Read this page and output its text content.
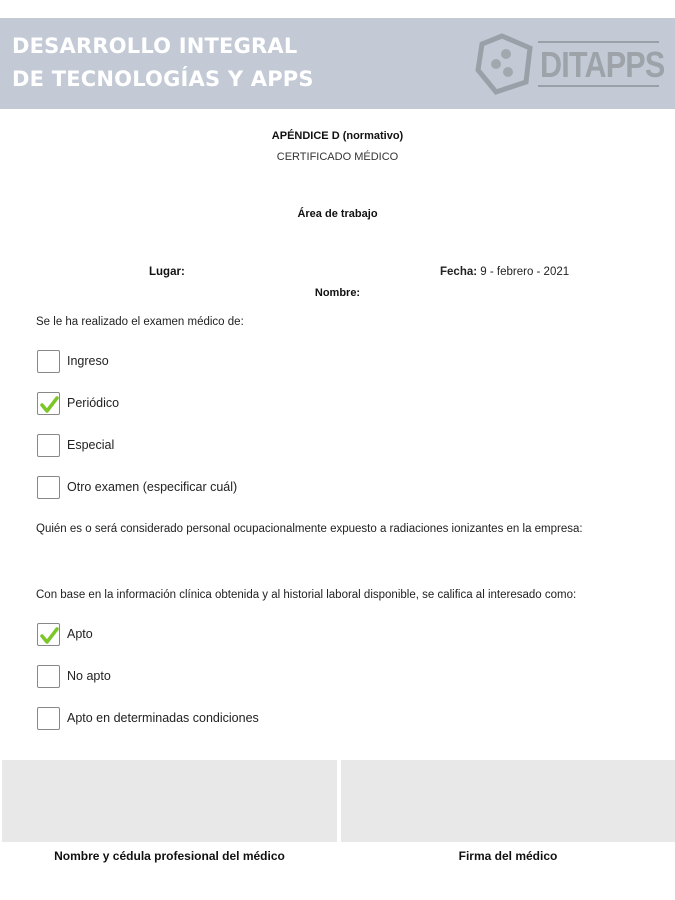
DESARROLLO INTEGRAL
DE TECNOLOGÍAS Y APPS	DITAPPS
APÉNDICE D (normativo)
CERTIFICADO MÉDICO
Área de trabajo
Lugar:	Fecha: 9 - febrero - 2021
Nombre:
Se le ha realizado el examen médico de:
Ingreso
Periódico
Especial
Otro examen (especificar cuál)
Quién es o será considerado personal ocupacionalmente expuesto a radiaciones ionizantes en la empresa:
Con base en la información clínica obtenida y al historial laboral disponible, se califica al interesado como:
Apto
No apto
Apto en determinadas condiciones
Nombre y cédula profesional del médico	Firma del médico
